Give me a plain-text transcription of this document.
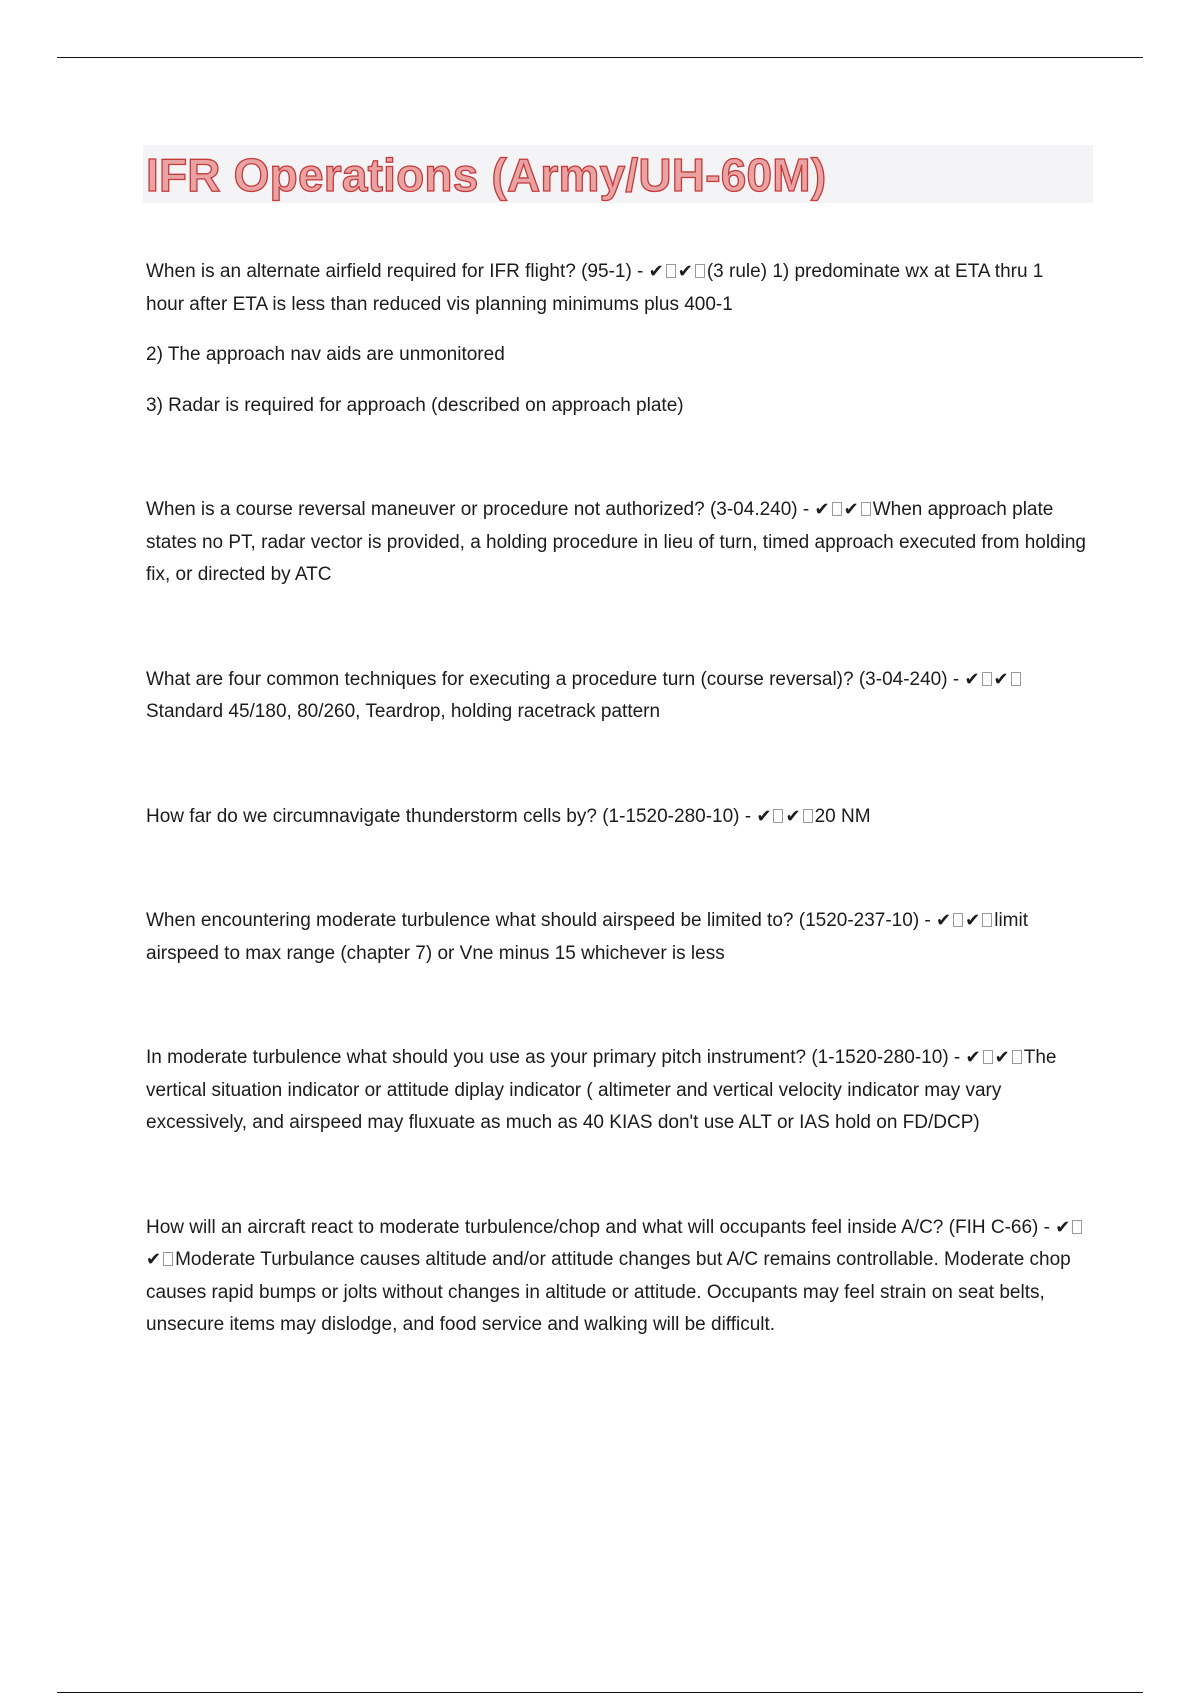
IFR Operations (Army/UH-60M)

When is an alternate airfield required for IFR flight? (95-1) - ✔ ✔ (3 rule) 1) predominate wx at ETA thru 1 hour after ETA is less than reduced vis planning minimums plus 400-1

2) The approach nav aids are unmonitored

3) Radar is required for approach (described on approach plate)

When is a course reversal maneuver or procedure not authorized? (3-04.240) - ✔ ✔ When approach plate states no PT, radar vector is provided, a holding procedure in lieu of turn, timed approach executed from holding fix, or directed by ATC

What are four common techniques for executing a procedure turn (course reversal)? (3-04-240) - ✔ ✔Standard 45/180, 80/260, Teardrop, holding racetrack pattern

How far do we circumnavigate thunderstorm cells by? (1-1520-280-10) - ✔ ✔ 20 NM

When encountering moderate turbulence what should airspeed be limited to? (1520-237-10) - ✔ ✔ limit airspeed to max range (chapter 7) or Vne minus 15 whichever is less

In moderate turbulence what should you use as your primary pitch instrument? (1-1520-280-10) - ✔ ✔ The vertical situation indicator or attitude diplay indicator ( altimeter and vertical velocity indicator may vary excessively, and airspeed may fluxuate as much as 40 KIAS don't use ALT or IAS hold on FD/DCP)

How will an aircraft react to moderate turbulence/chop and what will occupants feel inside A/C? (FIH C-66) - ✔✔ Moderate Turbulance causes altitude and/or attitude changes but A/C remains controllable. Moderate chop causes rapid bumps or jolts without changes in altitude or attitude. Occupants may feel strain on seat belts, unsecure items may dislodge, and food service and walking will be difficult.
